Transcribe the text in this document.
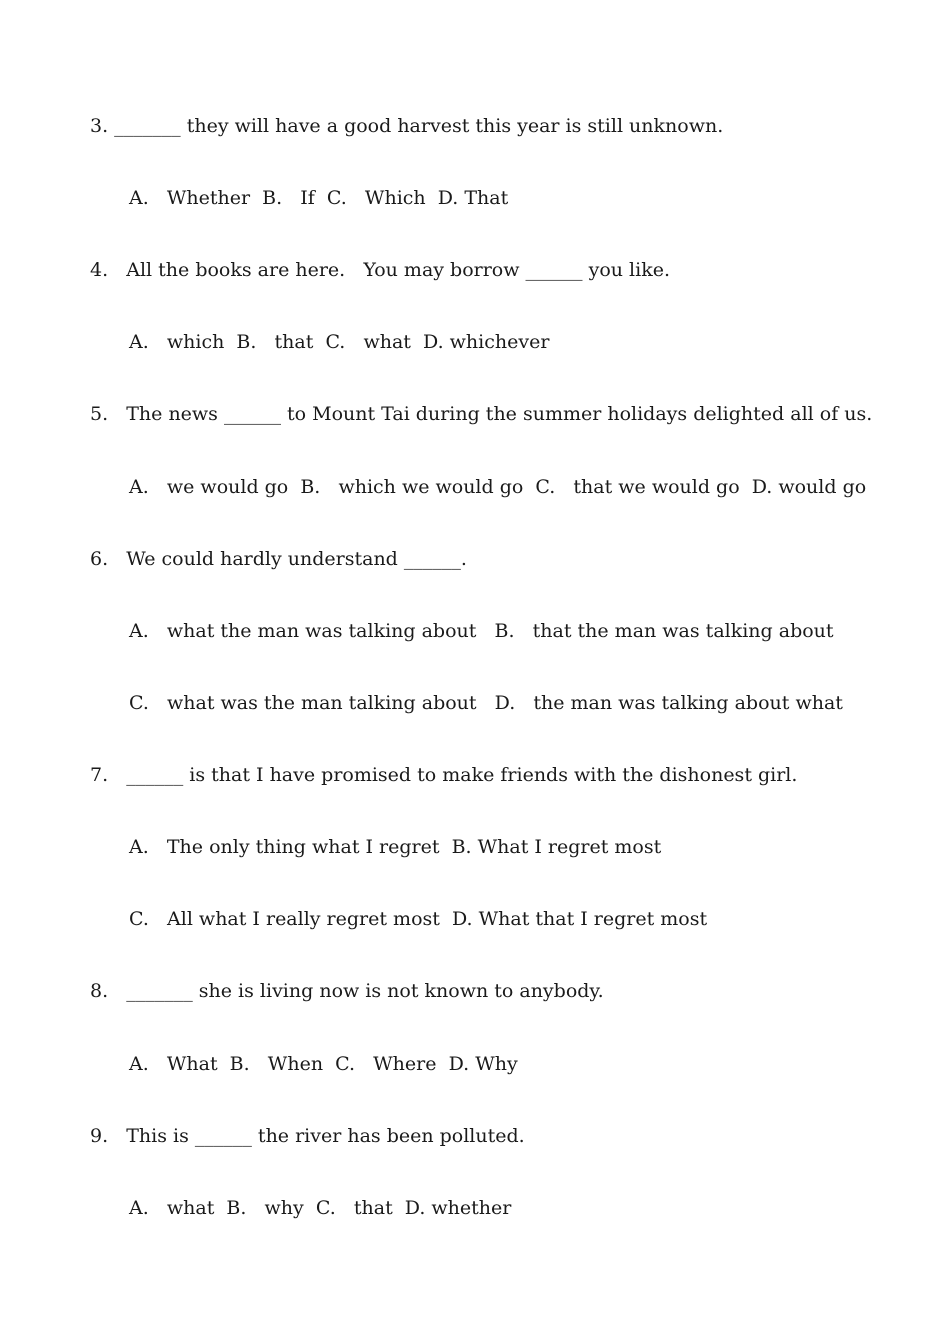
3. _______ they will have a good harvest this year is still unknown.
A.   Whether  B.   If  C.   Which  D. That
4.   All the books are here.   You may borrow ______ you like.
A.   which  B.   that  C.   what  D. whichever
5.   The news ______ to Mount Tai during the summer holidays delighted all of us.
A.   we would go  B.   which we would go  C.   that we would go  D. would go
6.   We could hardly understand ______.
A.   what the man was talking about   B.   that the man was talking about
C.   what was the man talking about   D.   the man was talking about what
7.   ______ is that I have promised to make friends with the dishonest girl.
A.   The only thing what I regret  B. What I regret most
C.   All what I really regret most  D. What that I regret most
8.   _______ she is living now is not known to anybody.
A.   What  B.   When  C.   Where  D. Why
9.   This is ______ the river has been polluted.
A.   what  B.   why  C.   that  D. whether
